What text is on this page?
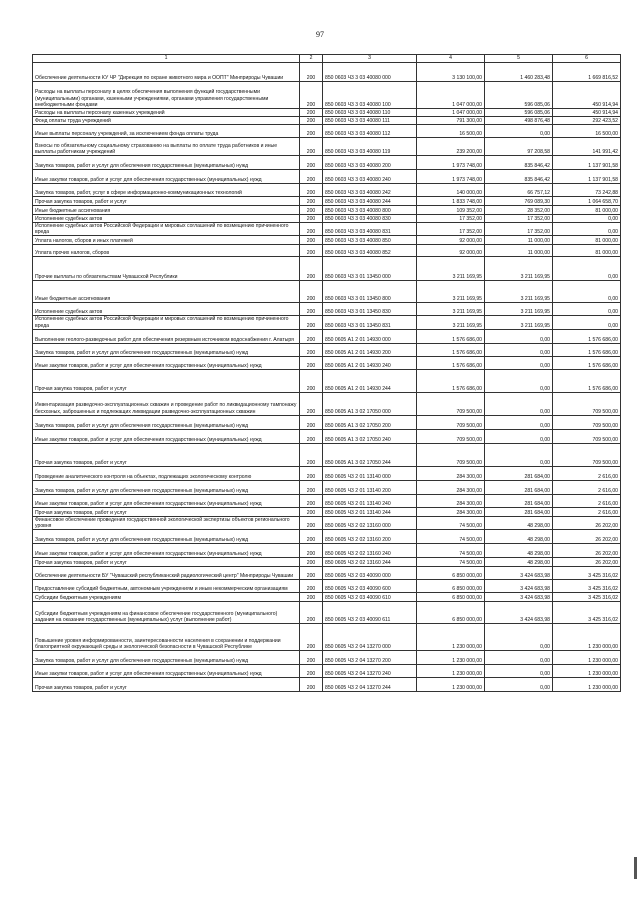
97
1	2	3	4	5	6
Обеспечение деятельности КУ ЧР "Дирекция по охране животного мира и ООПТ" Минприроды Чувашии	200	850 0603 Ч3 3 03 40080 000	3 130 100,00	1 460 283,48	1 669 816,52
Расходы на выплаты персоналу в целях обеспечения выполнения функций государственными (муниципальными) органами, казенными учреждениями, органами управления государственными внебюджетными фондами	200	850 0603 Ч3 3 03 40080 100	1 047 000,00	596 085,06	450 914,94
Расходы на выплаты персоналу казенных учреждений	200	850 0603 Ч3 3 03 40080 110	1 047 000,00	596 085,06	450 914,94
Фонд оплаты труда учреждений	200	850 0603 Ч3 3 03 40080 111	791 300,00	498 876,48	292 423,52
Иные выплаты персоналу учреждений, за исключением фонда оплаты труда	200	850 0603 Ч3 3 03 40080 112	16 500,00	0,00	16 500,00
Взносы по обязательному социальному страхованию на выплаты по оплате труда работников и иные выплаты работникам учреждений	200	850 0603 Ч3 3 03 40080 119	239 200,00	97 208,58	141 991,42
Закупка товаров, работ и услуг для обеспечения государственных (муниципальных) нужд	200	850 0603 Ч3 3 03 40080 200	1 973 748,00	835 846,42	1 137 901,58
Иные закупки товаров, работ и услуг для обеспечения государственных (муниципальных) нужд	200	850 0603 Ч3 3 03 40080 240	1 973 748,00	835 846,42	1 137 901,58
Закупка товаров, работ, услуг в сфере информационно-коммуникационных технологий	200	850 0603 Ч3 3 03 40080 242	140 000,00	66 757,12	73 242,88
Прочая закупка товаров, работ и услуг	200	850 0603 Ч3 3 03 40080 244	1 833 748,00	769 089,30	1 064 658,70
Иные бюджетные ассигнования	200	850 0603 Ч3 3 03 40080 800	109 352,00	28 352,00	81 000,00
Исполнение судебных актов	200	850 0603 Ч3 3 03 40080 830	17 352,00	17 352,00	0,00
Исполнение судебных актов Российской Федерации и мировых соглашений по возмещению причиненного вреда	200	850 0603 Ч3 3 03 40080 831	17 352,00	17 352,00	0,00
Уплата налогов, сборов и иных платежей	200	850 0603 Ч3 3 03 40080 850	92 000,00	11 000,00	81 000,00
Уплата прочих налогов, сборов	200	850 0603 Ч3 3 03 40080 852	92 000,00	11 000,00	81 000,00
Прочие выплаты по обязательствам Чувашской Республики	200	850 0603 Ч3 3 01 13450 000	3 211 169,95	3 211 169,95	0,00
Иные бюджетные ассигнования	200	850 0603 Ч3 3 01 13450 800	3 211 169,95	3 211 169,95	0,00
Исполнение судебных актов	200	850 0603 Ч3 3 01 13450 830	3 211 169,95	3 211 169,95	0,00
Исполнение судебных актов Российской Федерации и мировых соглашений по возмещению причиненного вреда	200	850 0603 Ч3 3 01 13450 831	3 211 169,95	3 211 169,95	0,00
Выполнение геолого-разведочных работ для обеспечения резервным источником водоснабжения г. Алатыря	200	850 0605 А1 2 01 14930 000	1 576 686,00	0,00	1 576 686,00
Закупка товаров, работ и услуг для обеспечения государственных (муниципальных) нужд	200	850 0605 А1 2 01 14930 200	1 576 686,00	0,00	1 576 686,00
Иные закупки товаров, работ и услуг для обеспечения государственных (муниципальных) нужд	200	850 0605 А1 2 01 14930 240	1 576 686,00	0,00	1 576 686,00
Прочая закупка товаров, работ и услуг	200	850 0605 А1 2 01 14930 244	1 576 686,00	0,00	1 576 686,00
Инвентаризация разведочно-эксплуатационных скважин и проведение работ по ликвидационному тампонажу бесхозных, заброшенных и подлежащих ликвидации разведочно-эксплуатационных скважин	200	850 0605 А1 3 02 17050 000	709 500,00	0,00	709 500,00
Закупка товаров, работ и услуг для обеспечения государственных (муниципальных) нужд	200	850 0605 А1 3 02 17050 200	709 500,00	0,00	709 500,00
Иные закупки товаров, работ и услуг для обеспечения государственных (муниципальных) нужд	200	850 0605 А1 3 02 17050 240	709 500,00	0,00	709 500,00
Прочая закупка товаров, работ и услуг	200	850 0605 А1 3 02 17050 244	709 500,00	0,00	709 500,00
Проведение аналитического контроля на объектах, подлежащих экологическому контролю	200	850 0605 Ч3 2 01 13140 000	284 300,00	281 684,00	2 616,00
Закупка товаров, работ и услуг для обеспечения государственных (муниципальных) нужд	200	850 0605 Ч3 2 01 13140 200	284 300,00	281 684,00	2 616,00
Иные закупки товаров, работ и услуг для обеспечения государственных (муниципальных) нужд	200	850 0605 Ч3 2 01 13140 240	284 300,00	281 684,00	2 616,00
Прочая закупка товаров, работ и услуг	200	850 0605 Ч3 2 01 13140 244	284 300,00	281 684,00	2 616,00
Финансовое обеспечение проведения государственной экологической экспертизы объектов регионального уровня	200	850 0605 Ч3 2 02 13160 000	74 500,00	48 298,00	26 202,00
Закупка товаров, работ и услуг для обеспечения государственных (муниципальных) нужд	200	850 0605 Ч3 2 02 13160 200	74 500,00	48 298,00	26 202,00
Иные закупки товаров, работ и услуг для обеспечения государственных (муниципальных) нужд	200	850 0605 Ч3 2 02 13160 240	74 500,00	48 298,00	26 202,00
Прочая закупка товаров, работ и услуг	200	850 0605 Ч3 2 02 13160 244	74 500,00	48 298,00	26 202,00
Обеспечение деятельности БУ "Чувашский республиканский радиологический центр" Минприроды Чувашии	200	850 0605 Ч3 2 03 40090 000	6 850 000,00	3 424 683,98	3 425 316,02
Предоставление субсидий бюджетным, автономным учреждениям и иным некоммерческим организациям	200	850 0605 Ч3 2 03 40090 600	6 850 000,00	3 424 683,98	3 425 316,02
Субсидии бюджетным учреждениям	200	850 0605 Ч3 2 03 40090 610	6 850 000,00	3 424 683,98	3 425 316,02
Субсидии бюджетным учреждениям на финансовое обеспечение государственного (муниципального) задания на оказание государственных (муниципальных) услуг (выполнение работ)	200	850 0605 Ч3 2 03 40090 611	6 850 000,00	3 424 683,98	3 425 316,02
Повышение уровня информированности, заинтересованности населения в сохранении и поддержании благоприятной окружающей среды и экологической безопасности в Чувашской Республике	200	850 0605 Ч3 2 04 13270 000	1 230 000,00	0,00	1 230 000,00
Закупка товаров, работ и услуг для обеспечения государственных (муниципальных) нужд	200	850 0605 Ч3 2 04 13270 200	1 230 000,00	0,00	1 230 000,00
Иные закупки товаров, работ и услуг для обеспечения государственных (муниципальных) нужд	200	850 0605 Ч3 2 04 13270 240	1 230 000,00	0,00	1 230 000,00
Прочая закупка товаров, работ и услуг	200	850 0605 Ч3 2 04 13270 244	1 230 000,00	0,00	1 230 000,00
